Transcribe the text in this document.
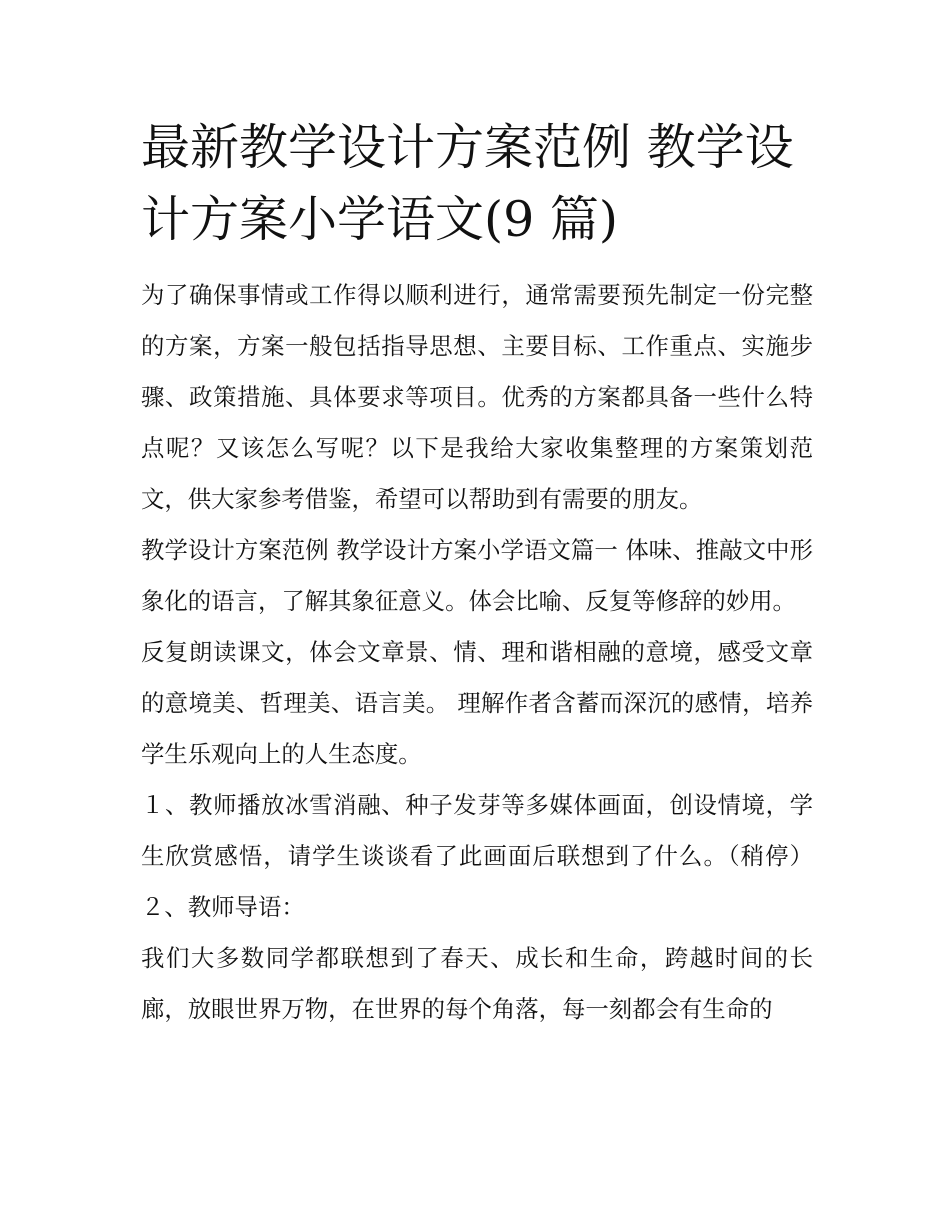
最新教学设计方案范例 教学设计方案小学语文(9 篇)

为了确保事情或工作得以顺利进行，通常需要预先制定一份完整的方案，方案一般包括指导思想、主要目标、工作重点、实施步骤、政策措施、具体要求等项目。优秀的方案都具备一些什么特点呢？又该怎么写呢？以下是我给大家收集整理的方案策划范文，供大家参考借鉴，希望可以帮助到有需要的朋友。

教学设计方案范例 教学设计方案小学语文篇一 体味、推敲文中形象化的语言，了解其象征意义。体会比喻、反复等修辞的妙用。

反复朗读课文，体会文章景、情、理和谐相融的意境，感受文章的意境美、哲理美、语言美。 理解作者含蓄而深沉的感情，培养学生乐观向上的人生态度。

１、教师播放冰雪消融、种子发芽等多媒体画面，创设情境，学生欣赏感悟，请学生谈谈看了此画面后联想到了什么。（稍停） ２、教师导语：

我们大多数同学都联想到了春天、成长和生命，跨越时间的长廊，放眼世界万物，在世界的每个角落，每一刻都会有生命的
